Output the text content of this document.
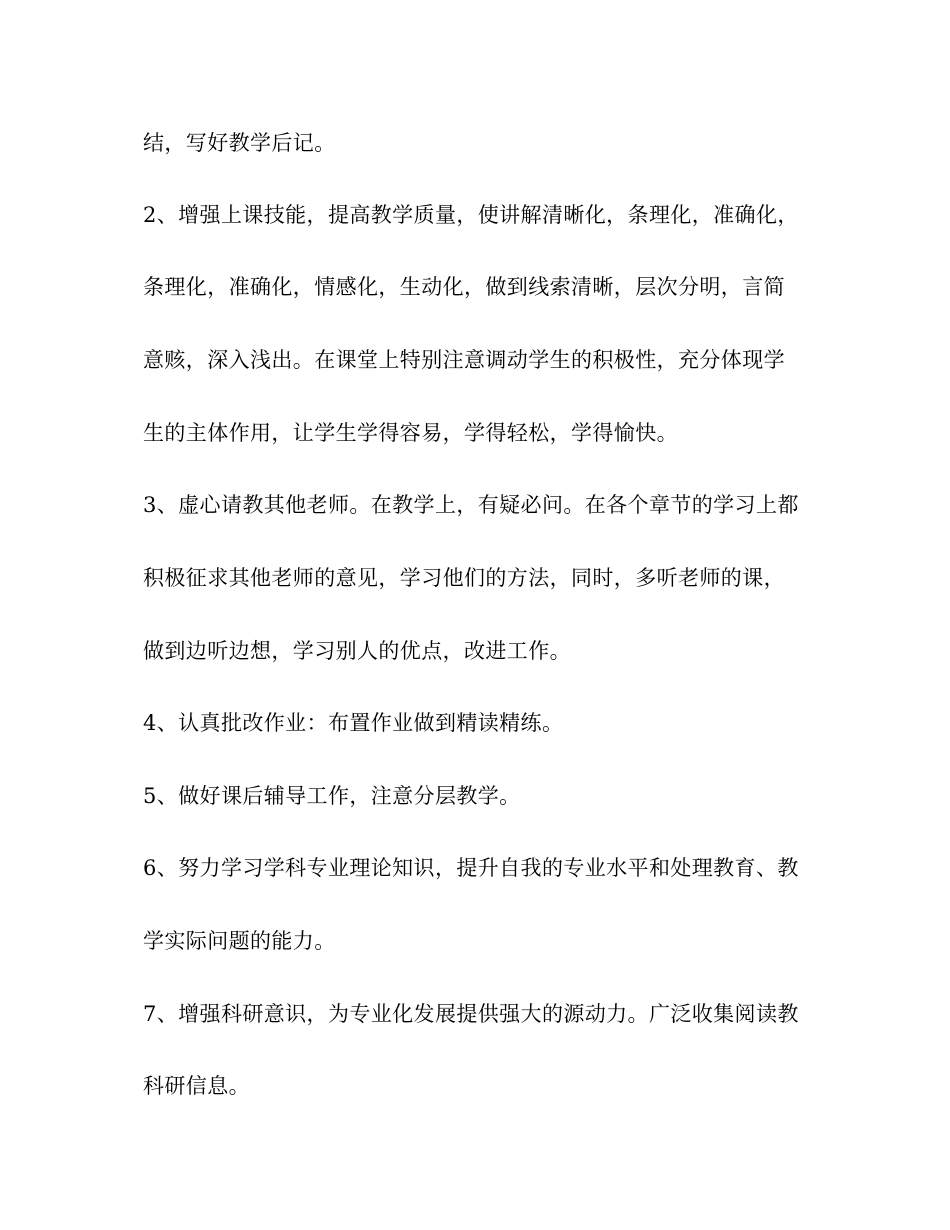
结，写好教学后记。

2、增强上课技能，提高教学质量，使讲解清晰化，条理化，准确化，

条理化，准确化，情感化，生动化，做到线索清晰，层次分明，言简

意赅，深入浅出。在课堂上特别注意调动学生的积极性，充分体现学

生的主体作用，让学生学得容易，学得轻松，学得愉快。

3、虚心请教其他老师。在教学上，有疑必问。在各个章节的学习上都

积极征求其他老师的意见，学习他们的方法，同时，多听老师的课，

做到边听边想，学习别人的优点，改进工作。

4、认真批改作业：布置作业做到精读精练。

5、做好课后辅导工作，注意分层教学。

6、努力学习学科专业理论知识，提升自我的专业水平和处理教育、教

学实际问题的能力。

7、增强科研意识，为专业化发展提供强大的源动力。广泛收集阅读教

科研信息。
